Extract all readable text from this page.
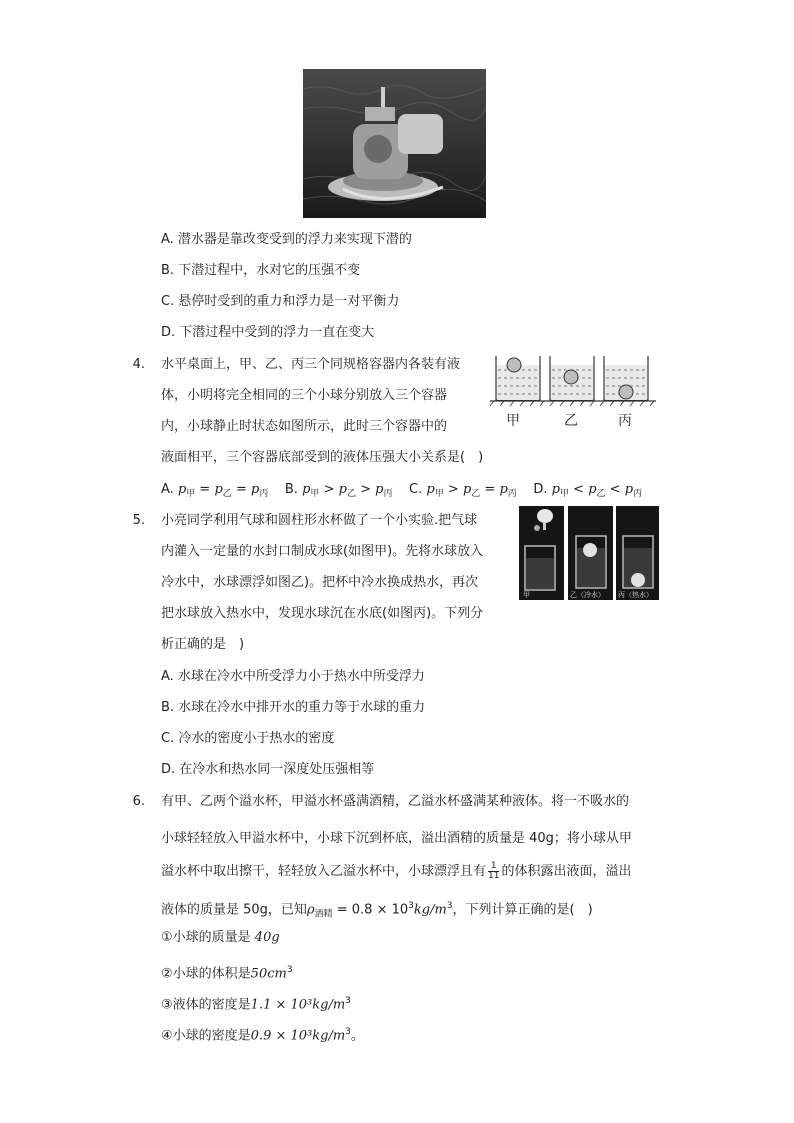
A. 潜水器是靠改变受到的浮力来实现下潜的
B. 下潜过程中，水对它的压强不变
C. 悬停时受到的重力和浮力是一对平衡力
D. 下潜过程中受到的浮力一直在变大
4. 水平桌面上，甲、乙、丙三个同规格容器内各装有液
体，小明将完全相同的三个小球分别放入三个容器
内，小球静止时状态如图所示，此时三个容器中的
液面相平，三个容器底部受到的液体压强大小关系是(　)
甲	乙	丙
A. $p_甲 = p_乙 = p_丙$ B. $p_甲 > p_乙 > p_丙$ C. $p_甲 > p_乙 = p_丙$ D. $p_甲 < p_乙 < p_丙$
5. 小亮同学利用气球和圆柱形水杯做了一个小实验.把气球
内灌入一定量的水封口制成水球(如图甲)。先将水球放入
冷水中，水球漂浮如图乙)。把杯中冷水换成热水，再次
把水球放入热水中，发现水球沉在水底(如图丙)。下列分
析正确的是　)
甲	乙（冷水） 丙（热水）
A. 水球在冷水中所受浮力小于热水中所受浮力
B. 水球在冷水中排开水的重力等于水球的重力
C. 冷水的密度小于热水的密度
D. 在冷水和热水同一深度处压强相等
6. 有甲、乙两个溢水杯，甲溢水杯盛满酒精，乙溢水杯盛满某种液体。将一不吸水的
小球轻轻放入甲溢水杯中，小球下沉到杯底，溢出酒精的质量是 40g；将小球从甲
溢水杯中取出擦干，轻轻放入乙溢水杯中，小球漂浮且有 $\frac{1}{11}$ 的体积露出液面，溢出
液体的质量是 50g，已知$\rho_{酒精} = 0.8 \times 10^3kg/m^3$，下列计算正确的是(　)
①小球的质量是 40g
②小球的体积是$50cm^3$
③液体的密度是$1.1 \times 10^3kg/m^3$
④小球的密度是$0.9 \times 10^3kg/m^3$。
